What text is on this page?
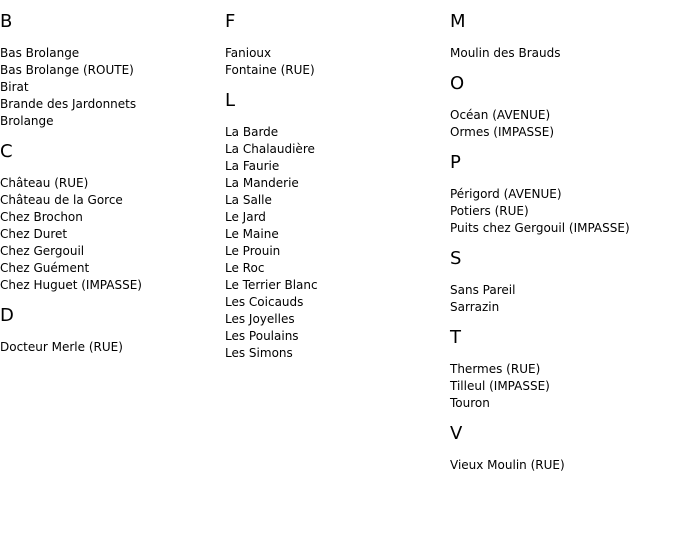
B
Bas Brolange
Bas Brolange (ROUTE)
Birat
Brande des Jardonnets
Brolange
C
Château (RUE)
Château de la Gorce
Chez Brochon
Chez Duret
Chez Gergouil
Chez Guément
Chez Huguet (IMPASSE)
D
Docteur Merle (RUE)
F
Fanioux
Fontaine (RUE)
L
La Barde
La Chalaudière
La Faurie
La Manderie
La Salle
Le Jard
Le Maine
Le Prouin
Le Roc
Le Terrier Blanc
Les Coicauds
Les Joyelles
Les Poulains
Les Simons
M
Moulin des Brauds
O
Océan (AVENUE)
Ormes (IMPASSE)
P
Périgord (AVENUE)
Potiers (RUE)
Puits chez Gergouil (IMPASSE)
S
Sans Pareil
Sarrazin
T
Thermes (RUE)
Tilleul (IMPASSE)
Touron
V
Vieux Moulin (RUE)
